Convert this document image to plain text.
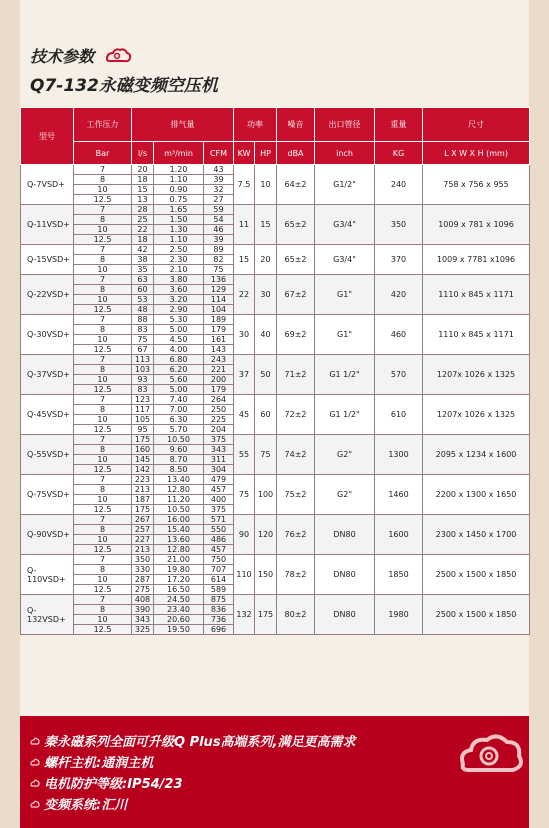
技术参数
Q7-132永磁变频空压机
型号	工作压力	排气量			功率		噪音	出口管径	重量	尺寸
	Bar	l/s	m³/min	CFM	KW	HP	dBA	inch	KG	L X W X H (mm)
Q-7VSD+	7	20	1.20	43	7.5	10	64±2	G1/2"	240	758 x 756 x 955
	8	18	1.10	39						
	10	15	0.90	32						
	12.5	13	0.75	27						
Q-11VSD+	7	28	1.65	59	11	15	65±2	G3/4"	350	1009 x 781 x 1096
	8	25	1.50	54						
	10	22	1.30	46						
	12.5	18	1.10	39						
Q-15VSD+	7	42	2.50	89	15	20	65±2	G3/4"	370	1009 x 7781 x1096
	8	38	2.30	82						
	10	35	2.10	75						
Q-22VSD+	7	63	3.80	136	22	30	67±2	G1"	420	1110 x 845 x 1171
	8	60	3.60	129						
	10	53	3.20	114						
	12.5	48	2.90	104						
Q-30VSD+	7	88	5.30	189	30	40	69±2	G1"	460	1110 x 845 x 1171
	8	83	5.00	179						
	10	75	4.50	161						
	12.5	67	4.00	143						
Q-37VSD+	7	113	6.80	243	37	50	71±2	G1 1/2"	570	1207x 1026 x 1325
	8	103	6.20	221						
	10	93	5.60	200						
	12.5	83	5.00	179						
Q-45VSD+	7	123	7.40	264	45	60	72±2	G1 1/2"	610	1207x 1026 x 1325
	8	117	7.00	250						
	10	105	6.30	225						
	12.5	95	5.70	204						
Q-55VSD+	7	175	10.50	375	55	75	74±2	G2"	1300	2095 x 1234 x 1600
	8	160	9.60	343						
	10	145	8.70	311						
	12.5	142	8.50	304						
Q-75VSD+	7	223	13.40	479	75	100	75±2	G2"	1460	2200 x 1300 x 1650
	8	213	12.80	457						
	10	187	11.20	400						
	12.5	175	10.50	375						
Q-90VSD+	7	267	16.00	571	90	120	76±2	DN80	1600	2300 x 1450 x 1700
	8	257	15.40	550						
	10	227	13.60	486						
	12.5	213	12.80	457						
Q-110VSD+	7	350	21.00	750	110	150	78±2	DN80	1850	2500 x 1500 x 1850
	8	330	19.80	707						
	10	287	17.20	614						
	12.5	275	16.50	589						
Q-132VSD+	7	408	24.50	875	132	175	80±2	DN80	1980	2500 x 1500 x 1850
	8	390	23.40	836						
	10	343	20.60	736						
	12.5	325	19.50	696						
秦永磁系列全面可升级Q Plus高端系列,满足更高需求
螺杆主机:通润主机
电机防护等级:IP54/23
变频系统:汇川
